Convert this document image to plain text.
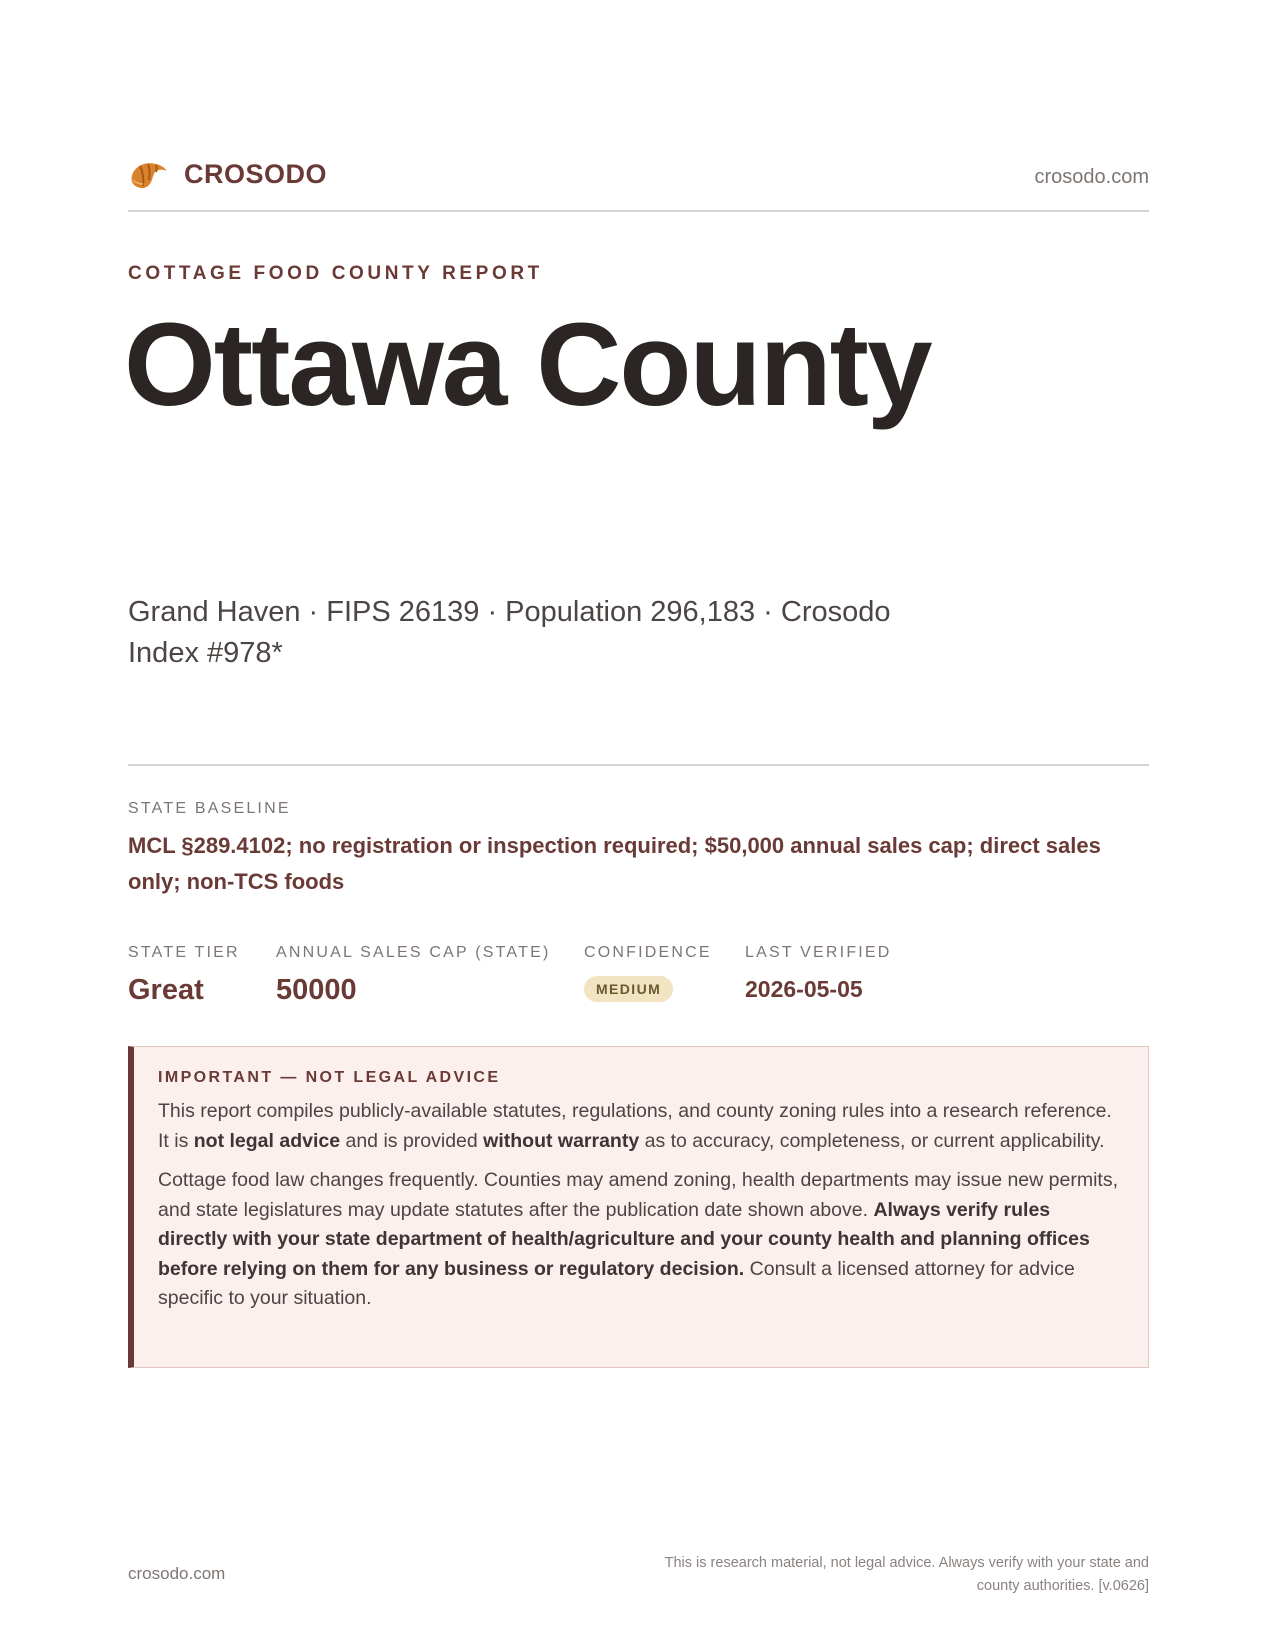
CROSODO	crosodo.com
COTTAGE FOOD COUNTY REPORT
Ottawa County
Grand Haven · FIPS 26139 · Population 296,183 · Crosodo Index #978*
STATE BASELINE
MCL §289.4102; no registration or inspection required; $50,000 annual sales cap; direct sales only; non-TCS foods
STATE TIER
Great
ANNUAL SALES CAP (STATE)
50000
CONFIDENCE
MEDIUM
LAST VERIFIED
2026-05-05
IMPORTANT — NOT LEGAL ADVICE

This report compiles publicly-available statutes, regulations, and county zoning rules into a research reference. It is not legal advice and is provided without warranty as to accuracy, completeness, or current applicability.

Cottage food law changes frequently. Counties may amend zoning, health departments may issue new permits, and state legislatures may update statutes after the publication date shown above. Always verify rules directly with your state department of health/agriculture and your county health and planning offices before relying on them for any business or regulatory decision. Consult a licensed attorney for advice specific to your situation.

crosodo.com
This is research material, not legal advice. Always verify with your state and county authorities. [v.0626]
